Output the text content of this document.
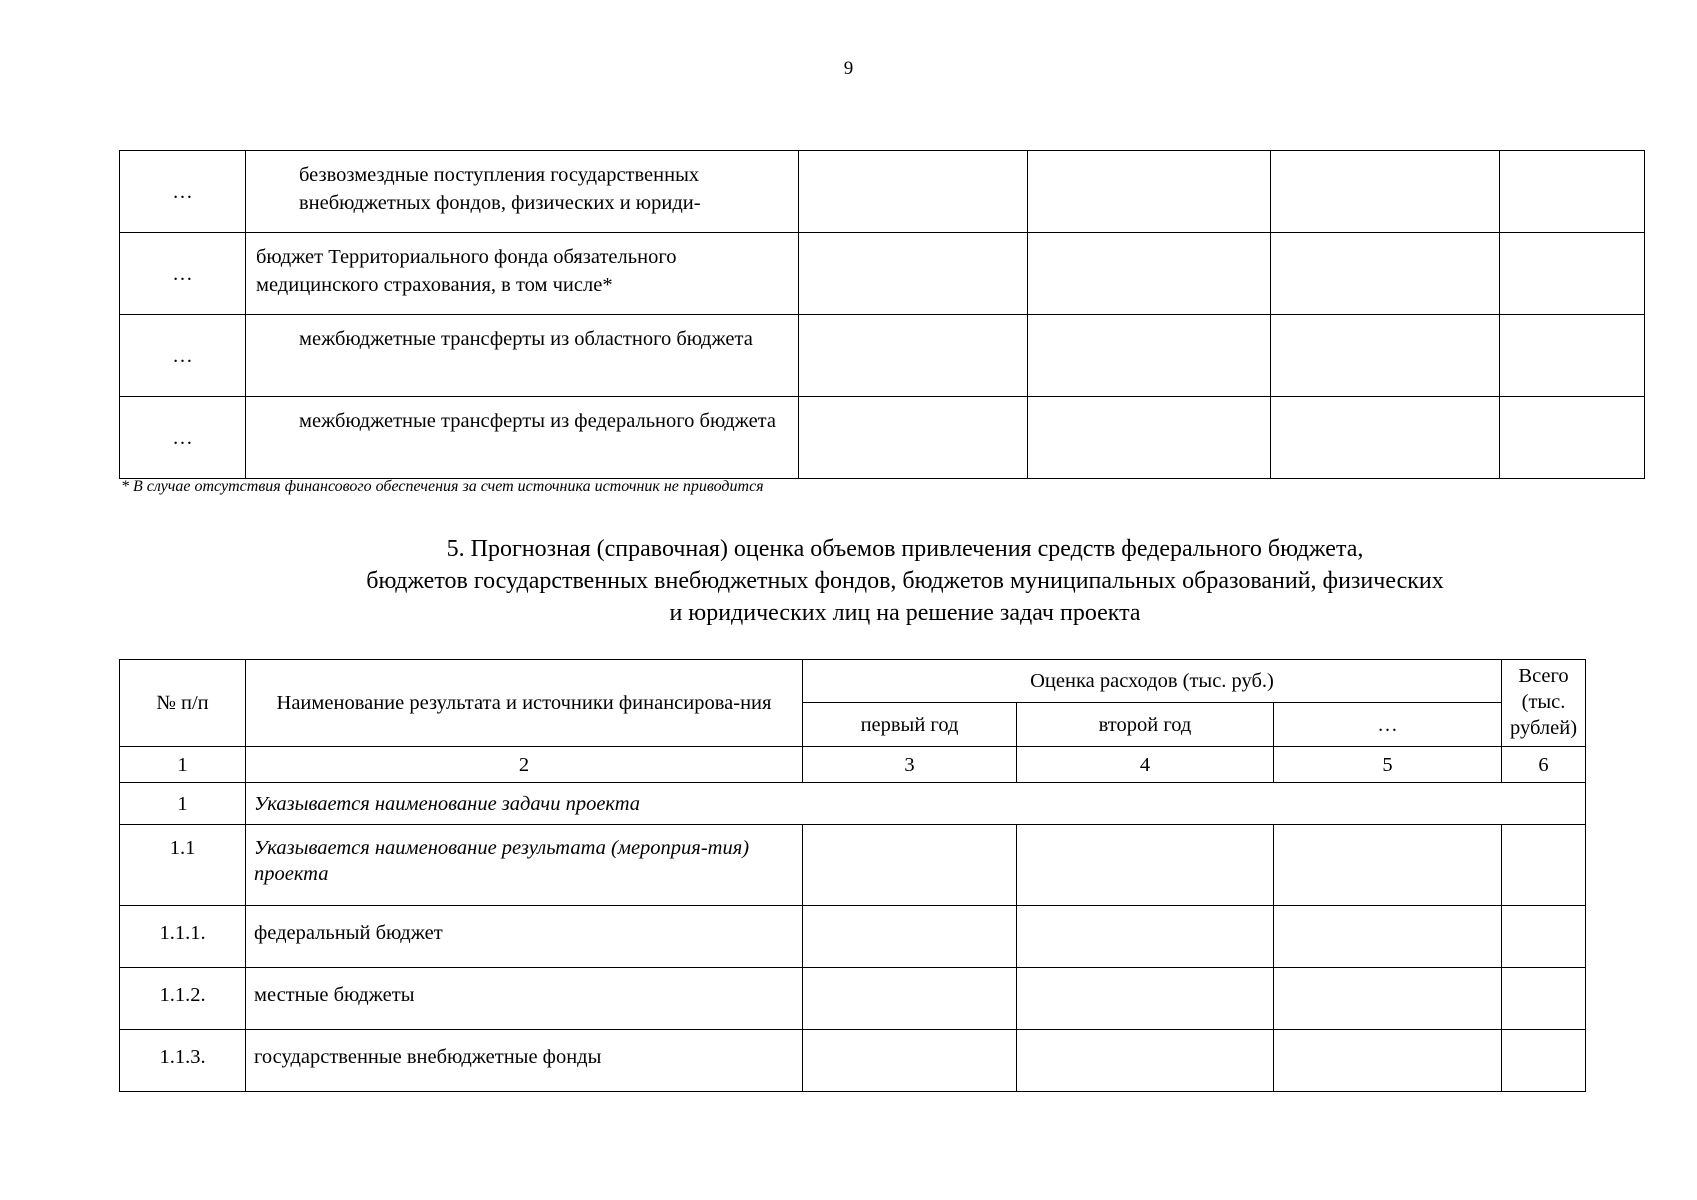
9
…	безвозмездные поступления государственных внебюджетных фондов, физических и юриди-				
…	бюджет Территориального фонда обязательного медицинского страхования, в том числе*				
…	межбюджетные трансферты из областного бюджета				
…	межбюджетные трансферты из федерального бюджета				
* В случае отсутствия финансового обеспечения за счет источника источник не приводится
5. Прогнозная (справочная) оценка объемов привлечения средств федерального бюджета,
бюджетов государственных внебюджетных фондов, бюджетов муниципальных образований, физических
и юридических лиц на решение задач проекта
№ п/п	Наименование результата и источники финансирова-ния	Оценка расходов (тыс. руб.)			Всего (тыс. рублей)
		первый год	второй год	…	
1	2	3	4	5	6
1	Указывается наименование задачи проекта				
1.1	Указывается наименование результата (мероприя-тия) проекта				
1.1.1.	федеральный бюджет				
1.1.2.	местные бюджеты				
1.1.3.	государственные внебюджетные фонды				
